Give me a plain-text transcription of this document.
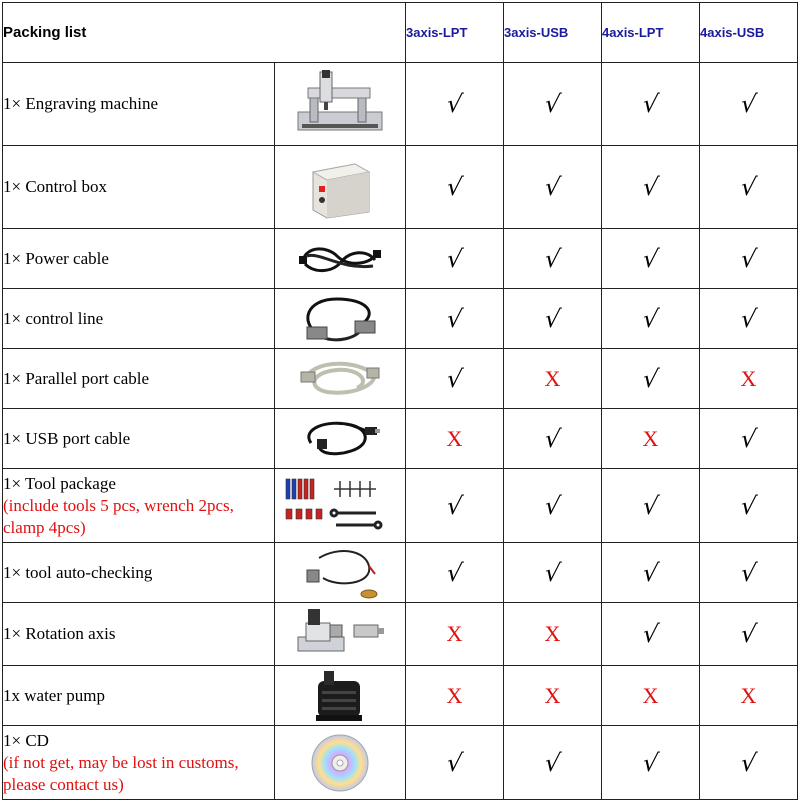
Packing list		3axis-LPT	3axis-USB	4axis-LPT	4axis-USB
1× Engraving machine		√	√	√	√
1× Control box		√	√	√	√
1× Power cable		√	√	√	√
1× control line		√	√	√	√
1× Parallel port cable		√	X	√	X
1× USB port cable		X	√	X	√
1× Tool package
(include tools 5 pcs, wrench 2pcs, clamp 4pcs)		√	√	√	√
1× tool auto-checking		√	√	√	√
1× Rotation axis		X	X	√	√
1x water pump		X	X	X	X
1× CD
(if not get, may be lost in customs, please contact us)		√	√	√	√
